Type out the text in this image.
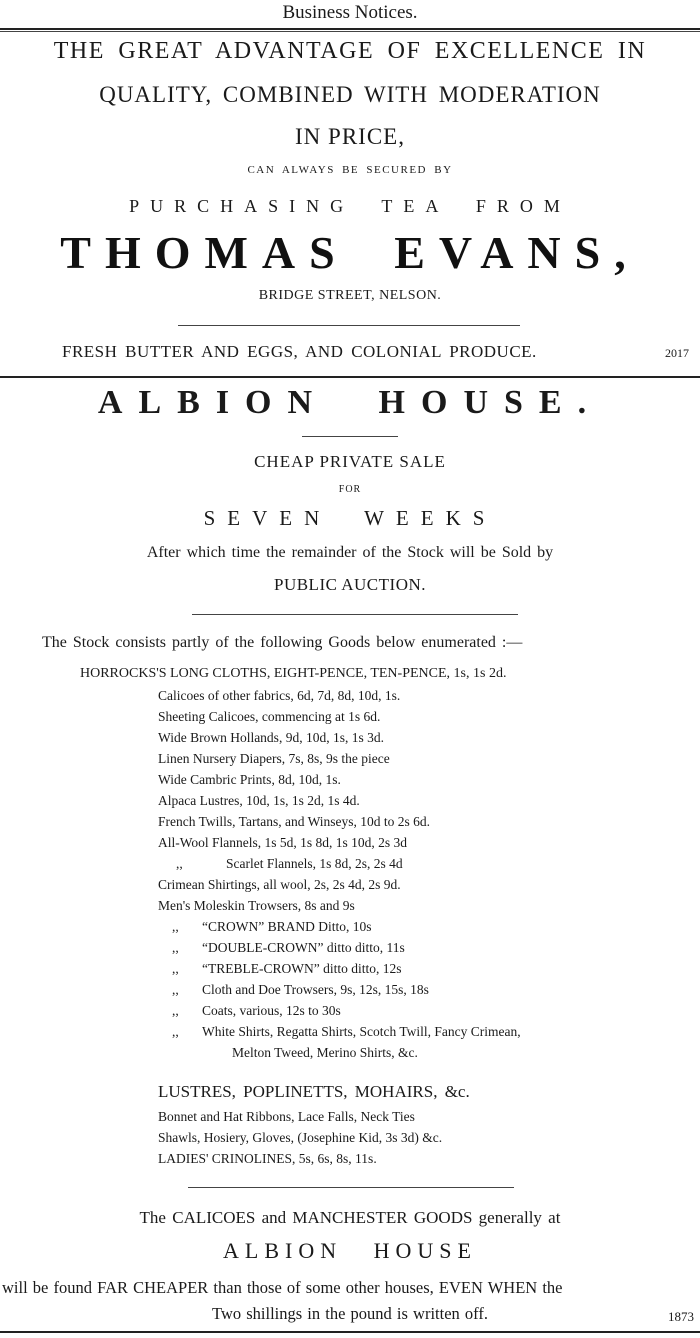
Business Notices.
THE GREAT ADVANTAGE OF EXCELLENCE IN
QUALITY, COMBINED WITH MODERATION
IN PRICE,
CAN ALWAYS BE SECURED BY
PURCHASING TEA FROM
THOMAS EVANS,
BRIDGE STREET, NELSON.
FRESH BUTTER AND EGGS, AND COLONIAL PRODUCE.	2017
ALBION HOUSE.
CHEAP PRIVATE SALE
FOR
SEVEN WEEKS
After which time the remainder of the Stock will be Sold by
PUBLIC AUCTION.
The Stock consists partly of the following Goods below enumerated :—
HORROCKS'S LONG CLOTHS, EIGHT-PENCE, TEN-PENCE, 1s, 1s 2d.
Calicoes of other fabrics, 6d, 7d, 8d, 10d, 1s.
Sheeting Calicoes, commencing at 1s 6d.
Wide Brown Hollands, 9d, 10d, 1s, 1s 3d.
Linen Nursery Diapers, 7s, 8s, 9s the piece
Wide Cambric Prints, 8d, 10d, 1s.
Alpaca Lustres, 10d, 1s, 1s 2d, 1s 4d.
French Twills, Tartans, and Winseys, 10d to 2s 6d.
All-Wool Flannels, 1s 5d, 1s 8d, 1s 10d, 2s 3d
,,	Scarlet Flannels, 1s 8d, 2s, 2s 4d
Crimean Shirtings, all wool, 2s, 2s 4d, 2s 9d.
Men's Moleskin Trowsers, 8s and 9s
,,	“CROWN” BRAND Ditto, 10s
,,	“DOUBLE-CROWN” ditto ditto, 11s
,,	“TREBLE-CROWN” ditto ditto, 12s
,,	Cloth and Doe Trowsers, 9s, 12s, 15s, 18s
,,	Coats, various, 12s to 30s
,,	White Shirts, Regatta Shirts, Scotch Twill, Fancy Crimean,
Melton Tweed, Merino Shirts, &c.
LUSTRES, POPLINETTS, MOHAIRS, &c.
Bonnet and Hat Ribbons, Lace Falls, Neck Ties
Shawls, Hosiery, Gloves, (Josephine Kid, 3s 3d) &c.
LADIES' CRINOLINES, 5s, 6s, 8s, 11s.
The CALICOES and MANCHESTER GOODS generally at
ALBION HOUSE
will be found FAR CHEAPER than those of some other houses, EVEN WHEN the
Two shillings in the pound is written off.	1873
